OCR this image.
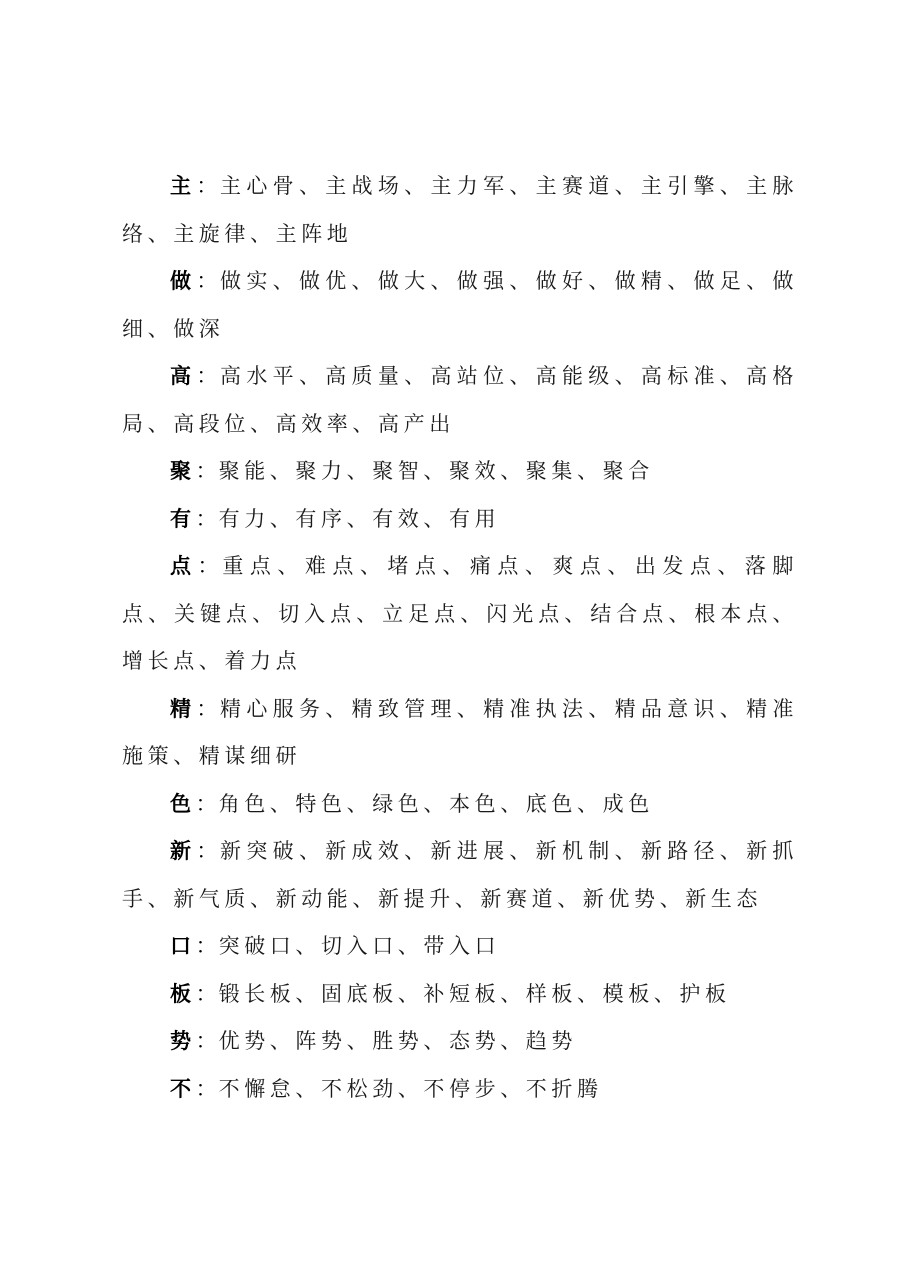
主：主心骨、主战场、主力军、主赛道、主引擎、主脉络、主旋律、主阵地

做：做实、做优、做大、做强、做好、做精、做足、做细、做深

高：高水平、高质量、高站位、高能级、高标准、高格局、高段位、高效率、高产出

聚：聚能、聚力、聚智、聚效、聚集、聚合

有：有力、有序、有效、有用

点：重点、难点、堵点、痛点、爽点、出发点、落脚点、关键点、切入点、立足点、闪光点、结合点、根本点、增长点、着力点

精：精心服务、精致管理、精准执法、精品意识、精准施策、精谋细研

色：角色、特色、绿色、本色、底色、成色

新：新突破、新成效、新进展、新机制、新路径、新抓手、新气质、新动能、新提升、新赛道、新优势、新生态

口：突破口、切入口、带入口

板：锻长板、固底板、补短板、样板、模板、护板

势：优势、阵势、胜势、态势、趋势

不：不懈怠、不松劲、不停步、不折腾
